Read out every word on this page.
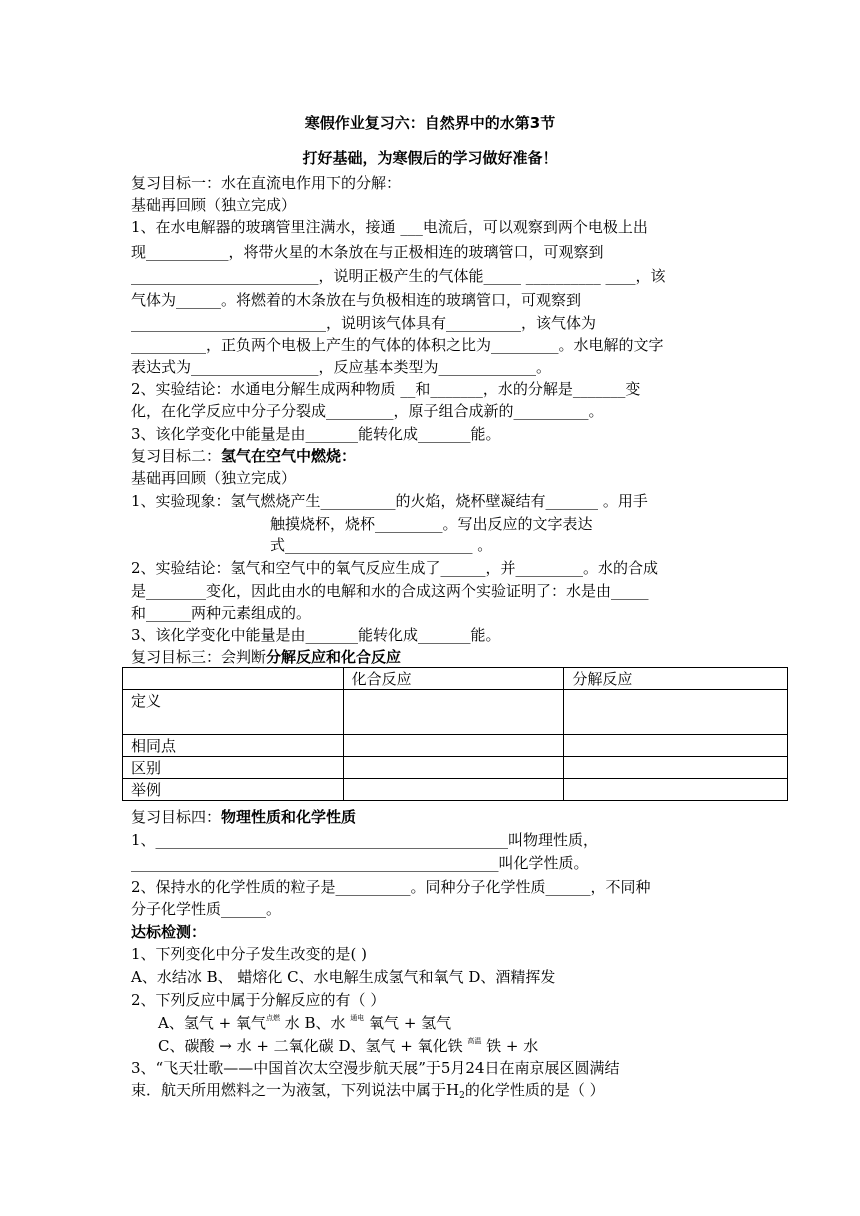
寒假作业复习六：自然界中的水第3节
打好基础，为寒假后的学习做好准备！
复习目标一：水在直流电作用下的分解：
基础再回顾（独立完成）
1、在水电解器的玻璃管里注满水，接通 ___电流后，可以观察到两个电极上出
现___________，将带火星的木条放在与正极相连的玻璃管口，可观察到
_________________________，说明正极产生的气体能_____ __________ ____，该
气体为______。将燃着的木条放在与负极相连的玻璃管口，可观察到
__________________________，说明该气体具有__________，该气体为
__________，正负两个电极上产生的气体的体积之比为_________。水电解的文字
表达式为_________________，反应基本类型为_____________。
2、实验结论：水通电分解生成两种物质 __和_______，水的分解是_______变
化，在化学反应中分子分裂成_________，原子组合成新的__________。
3、该化学变化中能量是由_______能转化成_______能。
复习目标二：氢气在空气中燃烧：
基础再回顾（独立完成）
1、实验现象：氢气燃烧产生__________的火焰，烧杯壁凝结有_______ 。用手
触摸烧杯，烧杯_________。写出反应的文字表达
式_________________________ 。
2、实验结论：氢气和空气中的氧气反应生成了______，并_________。水的合成
是________变化，因此由水的电解和水的合成这两个实验证明了：水是由_____
和______两种元素组成的。
3、该化学变化中能量是由_______能转化成_______能。
复习目标三：会判断分解反应和化合反应
	化合反应	分解反应
定义		
相同点		
区别		
举例		
复习目标四：物理性质和化学性质
1、_______________________________________________叫物理性质，
_________________________________________________叫化学性质。
2、保持水的化学性质的粒子是__________。同种分子化学性质______，不同种
分子化学性质______。
达标检测：
1、下列变化中分子发生改变的是( )
A、水结冰 B、 蜡熔化 C、水电解生成氢气和氧气 D、酒精挥发
2、下列反应中属于分解反应的有（ ）
A、氢气 + 氧气$^{点燃}$ 水 B、水 $^{通电}$ 氧气 + 氢气
C、碳酸 → 水 + 二氧化碳 D、氢气 + 氧化铁 $^{高温}$ 铁 + 水
3、“飞天壮歌——中国首次太空漫步航天展”于5月24日在南京展区圆满结
束．航天所用燃料之一为液氢，下列说法中属于$H_2$的化学性质的是（ ）
